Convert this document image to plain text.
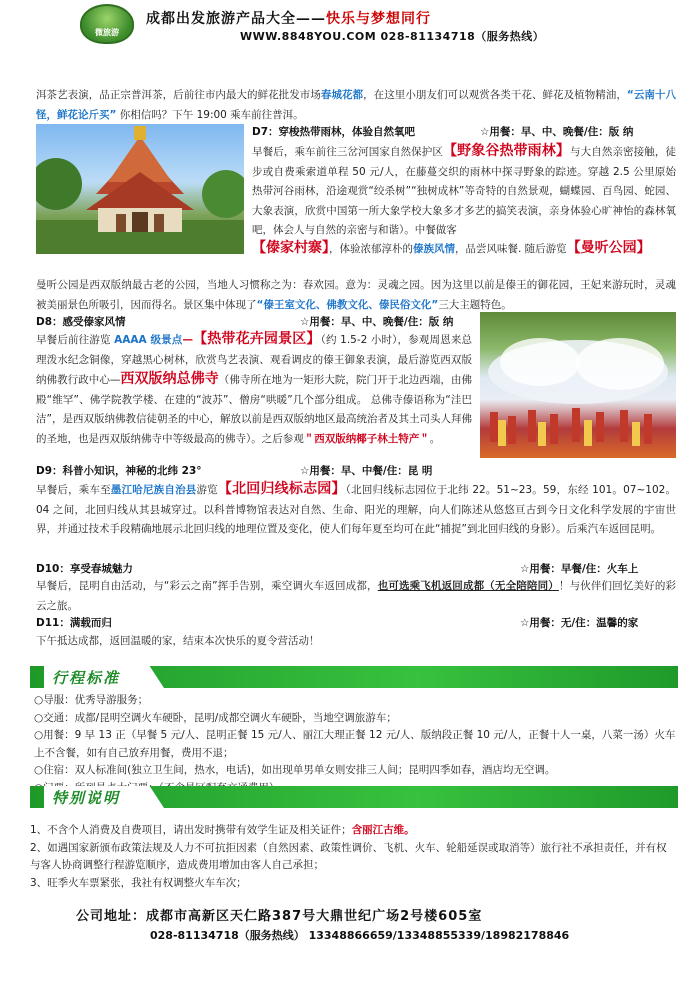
微旅游
成都出发旅游产品大全——快乐与梦想同行
WWW.8848YOU.COM 028-81134718（服务热线）
洱茶艺表演，品正宗普洱茶，后前往市内最大的鲜花批发市场春城花都，在这里小朋友们可以观赏各类干花、鲜花及植物精油，“云南十八怪，鲜花论斤买” 你相信吗？下午 19:00 乘车前往普洱。
D7：穿梭热带雨林，体验自然氧吧	☆用餐：早、中、晚餐/住：版 纳
早餐后，乘车前往三岔河国家自然保护区【野象谷热带雨林】与大自然亲密接触，徒步或自费乘索道单程 50 元/人，在藤蔓交织的雨林中探寻野象的踪迹。穿越 2.5 公里原始热带河谷雨林，沿途观赏“绞杀树”“独树成林”等奇特的自然景观，蝴蝶园、百鸟园、蛇园、大象表演，欣赏中国第一所大象学校大象多才多艺的搞笑表演，亲身体验心旷神怡的森林氧吧，体会人与自然的亲密与和谐）。中餐做客
【傣家村寨】，体验浓郁淳朴的傣族风情，品尝风味餐. 随后游览【曼听公园】
曼听公园是西双版纳最古老的公园，当地人习惯称之为：春欢园。意为：灵魂之园。因为这里以前是傣王的御花园，王妃来游玩时，灵魂被美丽景色所吸引，因而得名。景区集中体现了“傣王室文化、佛教文化、傣民俗文化”三大主题特色。
D8：感受傣家风情	☆用餐：早、中、晚餐/住：版 纳
早餐后前往游览 AAAA 级景点—【热带花卉园景区】（约 1.5-2 小时），参观周恩来总理泼水纪念铜像，穿越黑心树林，欣赏鸟艺表演、观看调皮的傣王御象表演，最后游览西双版纳佛教行政中心—西双版纳总佛寺（佛寺所在地为一矩形大院，院门开于北边西端，由佛殿“维罕”、佛学院教学楼、在建的“波苏”、僧房“哄暖”几个部分组成。 总佛寺傣语称为“洼巴洁”，是西双版纳佛教信徒朝圣的中心，解放以前是西双版纳地区最高统治者及其土司头人拜佛的圣地，也是西双版纳佛寺中等级最高的佛寺）。之后参观＂西双版纳椰子林土特产＂。
D9：科普小知识，神秘的北纬 23°	☆用餐：早、中餐/住：昆 明
早餐后，乘车至墨江哈尼族自治县游览【北回归线标志园】（北回归线标志园位于北纬 22。51~23。59，东经 101。07~102。04 之间，北回归线从其县城穿过。以科普博物馆表达对自然、生命、阳光的理解，向人们陈述从悠悠亘古到今日文化科学发展的宇宙世界，并通过技术手段精确地展示北回归线的地理位置及变化，使人们每年夏至均可在此“捕捉”到北回归线的身影）。后乘汽车返回昆明。
D10：享受春城魅力	☆用餐：早餐/住：火车上
早餐后，昆明自由活动，与“彩云之南”挥手告别，乘空调火车返回成都，也可选乘飞机返回成都（无全陪陪同）！与伙伴们回忆美好的彩云之旅。
D11：满载而归	☆用餐：无/住：温馨的家
下午抵达成都，返回温暖的家，结束本次快乐的夏令营活动！
行程标准
○导服：优秀导游服务；
○交通：成都/昆明空调火车硬卧，昆明/成都空调火车硬卧，当地空调旅游车；
○用餐：9 早 13 正（早餐 5 元/人、昆明正餐 15 元/人、丽江大理正餐 12 元/人、版纳段正餐 10 元/人，正餐十人一桌，八菜一汤）火车上不含餐，如有自己放弃用餐，费用不退；
○住宿：双人标准间(独立卫生间，热水，电话)，如出现单男单女则安排三人间；昆明四季如春，酒店均无空调。
特别说明
1、不含个人消费及自费项目，请出发时携带有效学生证及相关证件；含丽江古维。
2、如遇国家新颁布政策法规及人力不可抗拒因素（自然因素、政策性调价、飞机、火车、轮船延误或取消等）旅行社不承担责任，并有权与客人协商调整行程游览顺序，造成费用增加由客人自己承担；
3、旺季火车票紧张，我社有权调整火车车次；
公司地址：成都市高新区天仁路387号大鼎世纪广场2号楼605室
028-81134718（服务热线） 13348866659/13348855339/18982178846
